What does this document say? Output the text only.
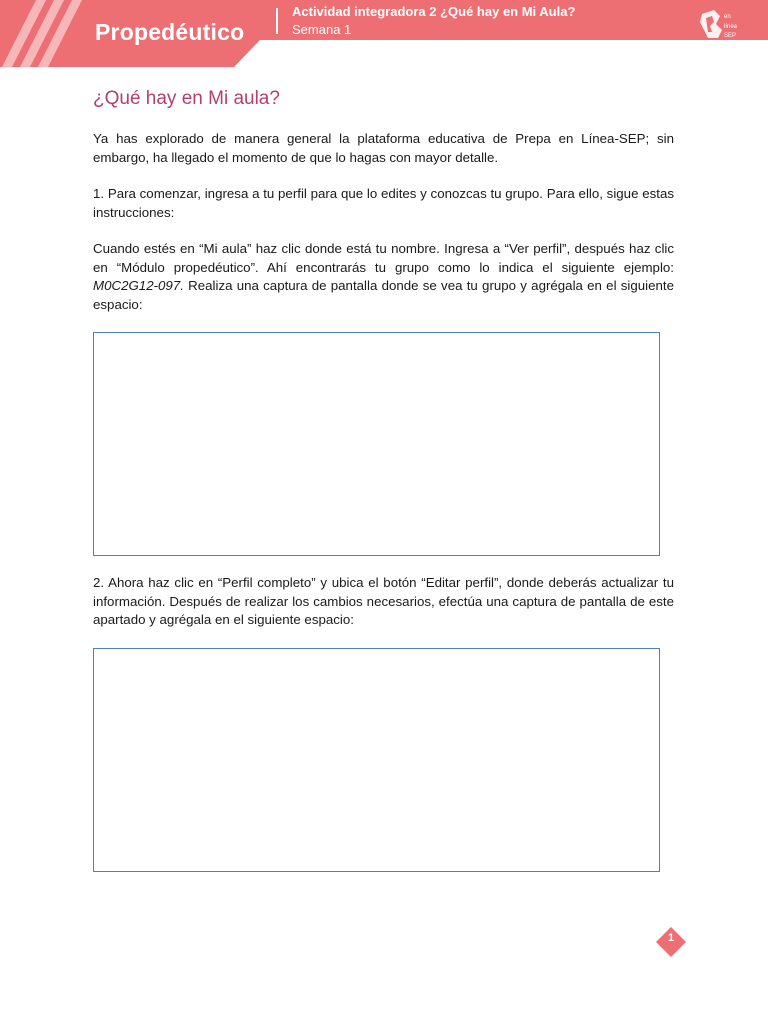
Propedéutico
Actividad integradora 2 ¿Qué hay en Mi Aula?
Semana 1
en
línea
SEP
¿Qué hay en Mi aula?

Ya has explorado de manera general la plataforma educativa de Prepa en Línea-SEP; sin embargo, ha llegado el momento de que lo hagas con mayor detalle.

1. Para comenzar, ingresa a tu perfil para que lo edites y conozcas tu grupo. Para ello, sigue estas instrucciones:

Cuando estés en “Mi aula” haz clic donde está tu nombre. Ingresa a “Ver perfil”, después haz clic en “Módulo propedéutico”. Ahí encontrarás tu grupo como lo indica el siguiente ejemplo: M0C2G12-097. Realiza una captura de pantalla donde se vea tu grupo y agrégala en el siguiente espacio:

2. Ahora haz clic en “Perfil completo” y ubica el botón “Editar perfil”, donde deberás actualizar tu información. Después de realizar los cambios necesarios, efectúa una captura de pantalla de este apartado y agrégala en el siguiente espacio:

1
